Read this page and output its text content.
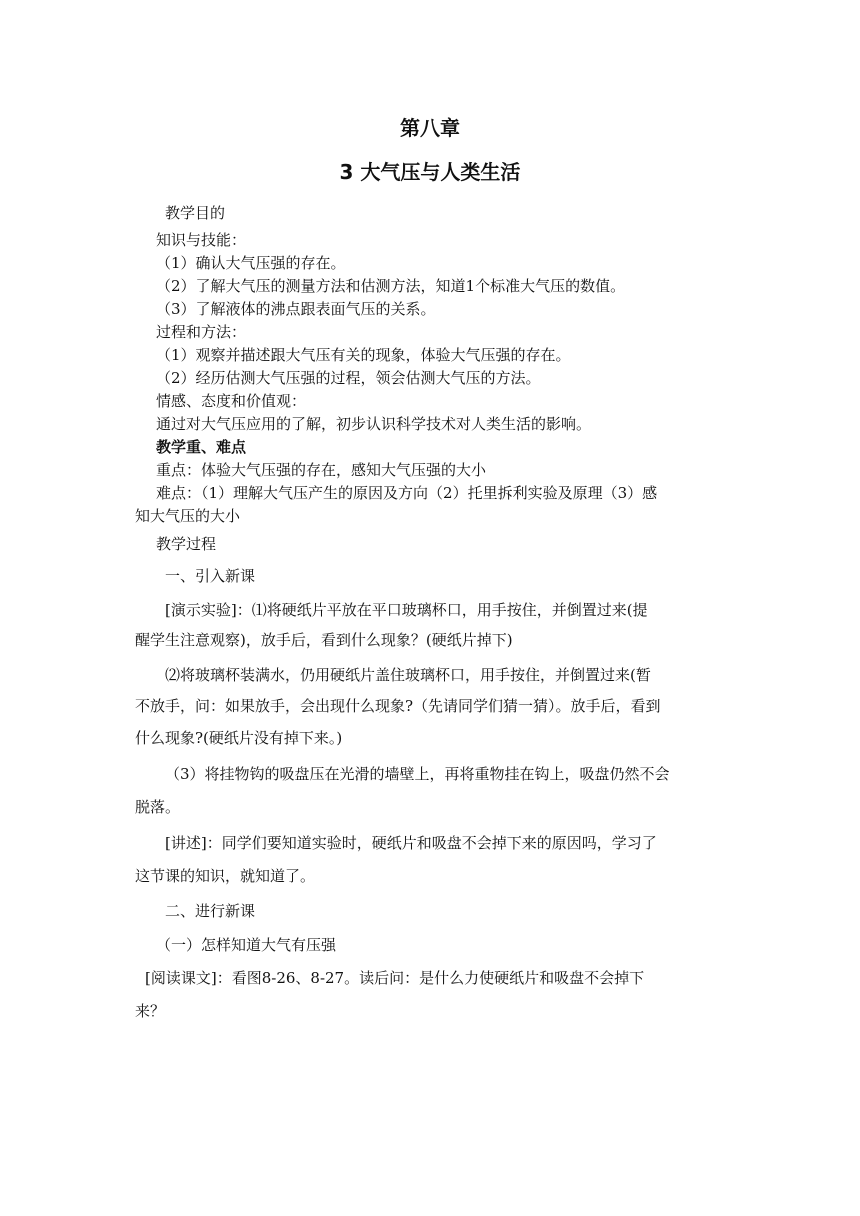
第八章
3 大气压与人类生活
教学目的
知识与技能：
（1）确认大气压强的存在。
（2）了解大气压的测量方法和估测方法，知道1个标准大气压的数值。
（3）了解液体的沸点跟表面气压的关系。
过程和方法：
（1）观察并描述跟大气压有关的现象，体验大气压强的存在。
（2）经历估测大气压强的过程，领会估测大气压的方法。
情感、态度和价值观：
通过对大气压应用的了解，初步认识科学技术对人类生活的影响。
教学重、难点
重点：体验大气压强的存在，感知大气压强的大小
难点：（1）理解大气压产生的原因及方向（2）托里拆利实验及原理（3）感
知大气压的大小
教学过程
一、引入新课
[演示实验]：⑴将硬纸片平放在平口玻璃杯口，用手按住，并倒置过来(提
醒学生注意观察)，放手后，看到什么现象？(硬纸片掉下)
⑵将玻璃杯装满水，仍用硬纸片盖住玻璃杯口，用手按住，并倒置过来(暂
不放手，问：如果放手，会出现什么现象?（先请同学们猜一猜）。放手后，看到
什么现象?(硬纸片没有掉下来。)
（3）将挂物钩的吸盘压在光滑的墙壁上，再将重物挂在钩上，吸盘仍然不会
脱落。
[讲述]：同学们要知道实验时，硬纸片和吸盘不会掉下来的原因吗，学习了
这节课的知识，就知道了。
二、进行新课
（一）怎样知道大气有压强
[阅读课文]：看图8-26、8-27。读后问：是什么力使硬纸片和吸盘不会掉下
来？
